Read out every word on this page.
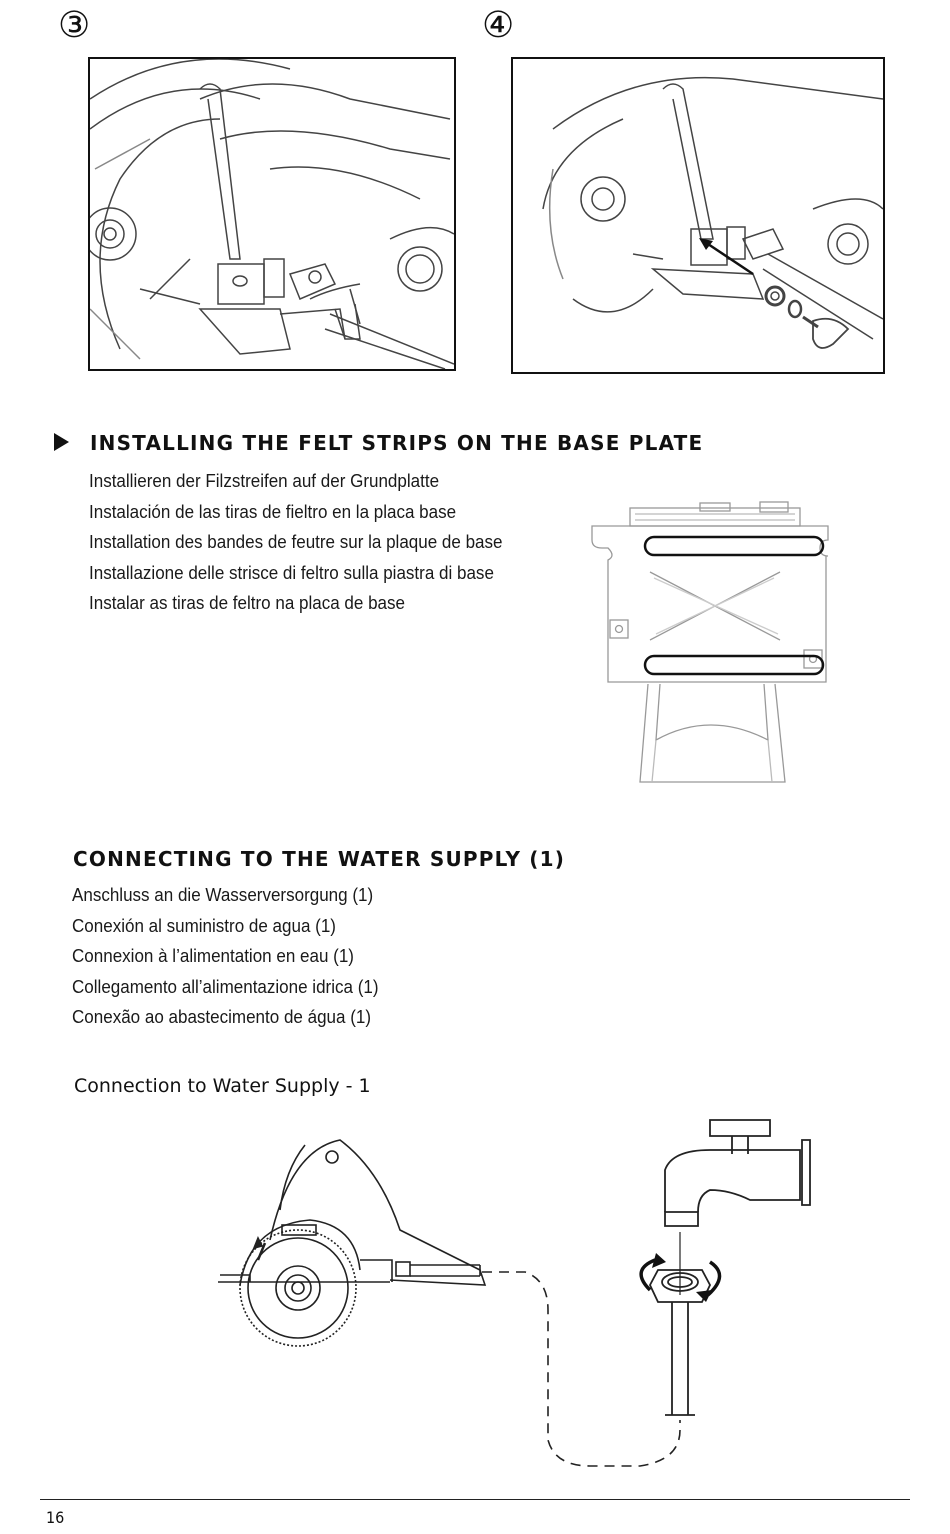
③	④
INSTALLING THE FELT STRIPS ON THE BASE PLATE
Installieren der Filzstreifen auf der Grundplatte
Instalación de las tiras de fieltro en la placa base
Installation des bandes de feutre sur la plaque de base
Installazione delle strisce di feltro sulla piastra di base
Instalar as tiras de feltro na placa de base
CONNECTING TO THE WATER SUPPLY (1)
Anschluss an die Wasserversorgung (1)
Conexión al suministro de agua (1)
Connexion à l’alimentation en eau (1)
Collegamento all’alimentazione idrica (1)
Conexão ao abastecimento de água (1)
Connection to Water Supply - 1
16
